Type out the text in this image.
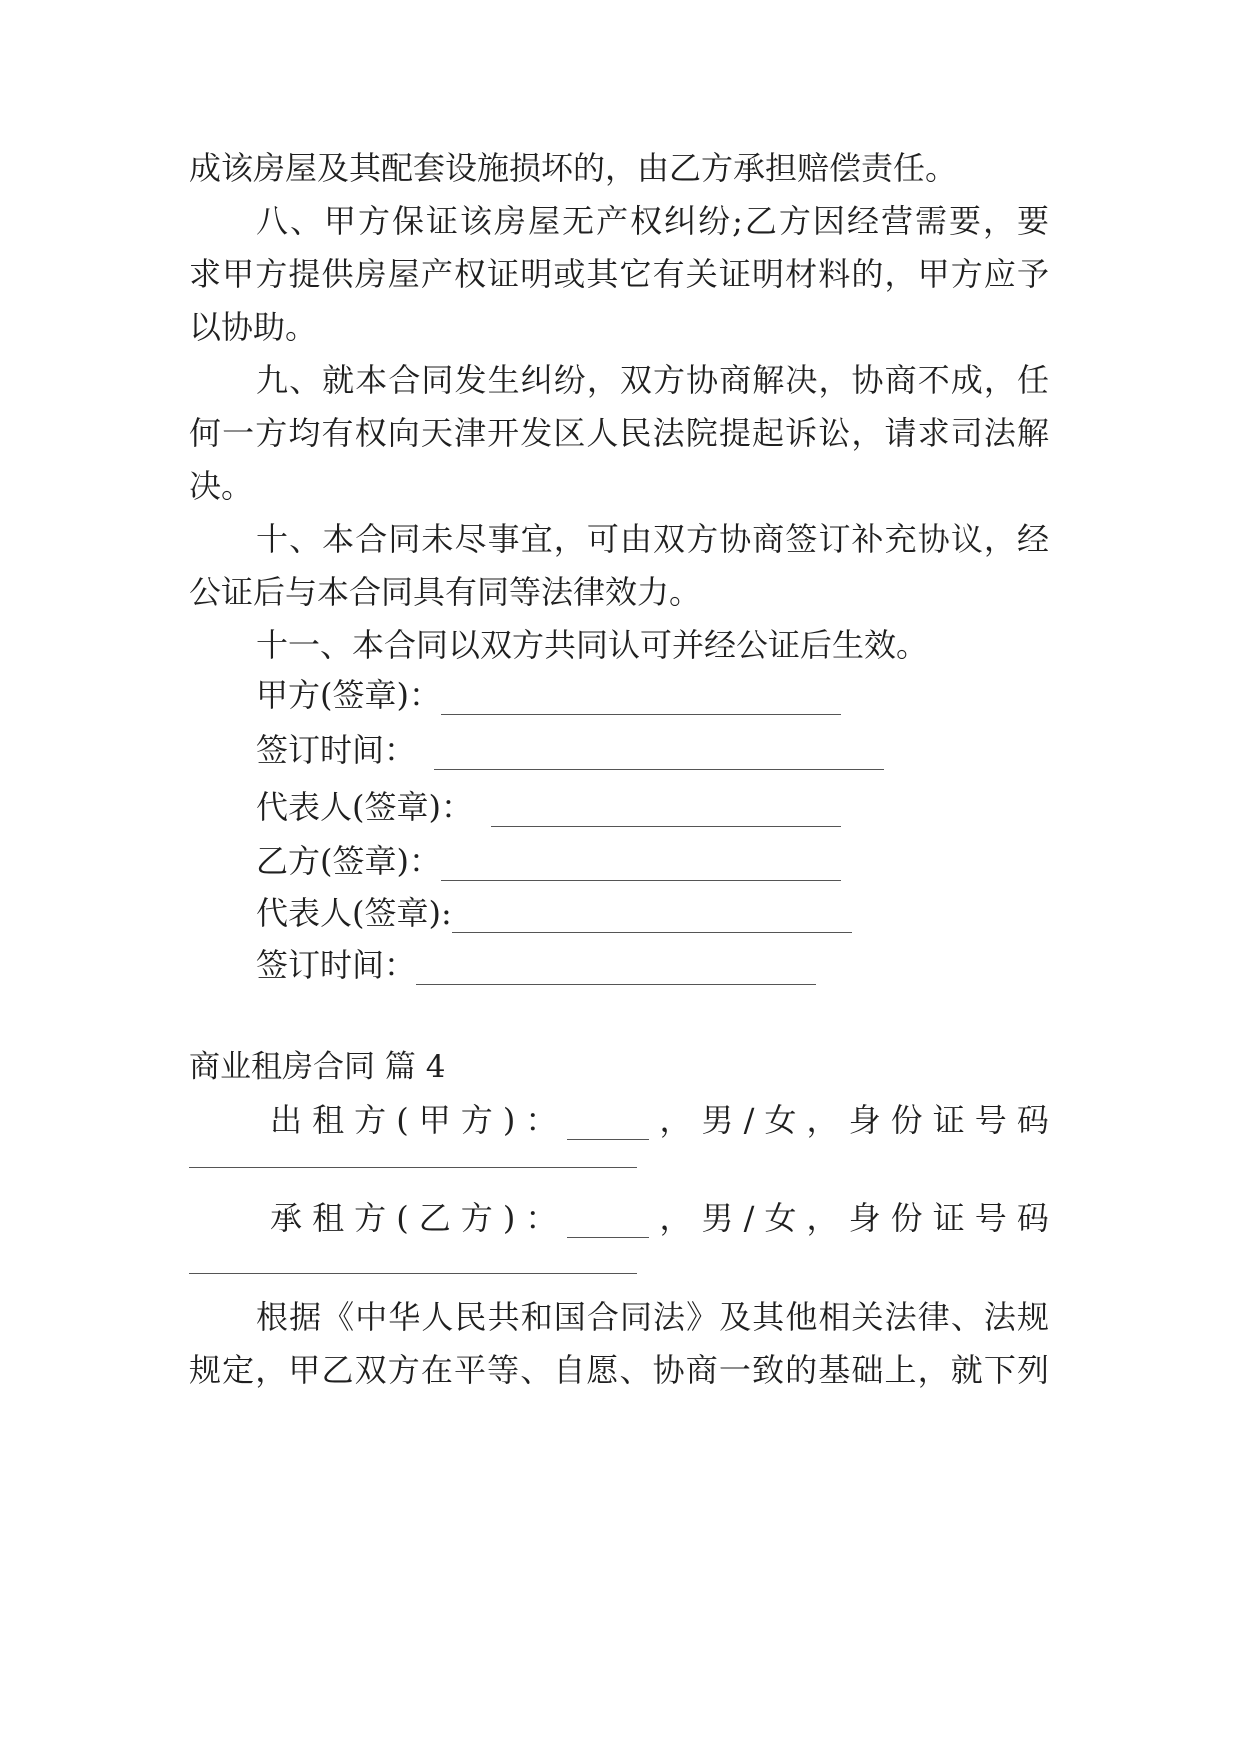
成该房屋及其配套设施损坏的，由乙方承担赔偿责任。
八、甲方保证该房屋无产权纠纷;乙方因经营需要，要
求甲方提供房屋产权证明或其它有关证明材料的，甲方应予
以协助。
九、就本合同发生纠纷，双方协商解决，协商不成，任
何一方均有权向天津开发区人民法院提起诉讼，请求司法解
决。
十、本合同未尽事宜，可由双方协商签订补充协议，经
公证后与本合同具有同等法律效力。
十一、本合同以双方共同认可并经公证后生效。
甲方(签章)：
签订时间：
代表人(签章)：
乙方(签章)：
代表人(签章):
签订时间：
商业租房合同 篇 4
出 租 方 ( 甲 方 ) ：	， 男 / 女 ， 身 份 证 号 码
承 租 方 ( 乙 方 ) ：	， 男 / 女 ， 身 份 证 号 码
根据《中华人民共和国合同法》及其他相关法律、法规
规定，甲乙双方在平等、自愿、协商一致的基础上，就下列
